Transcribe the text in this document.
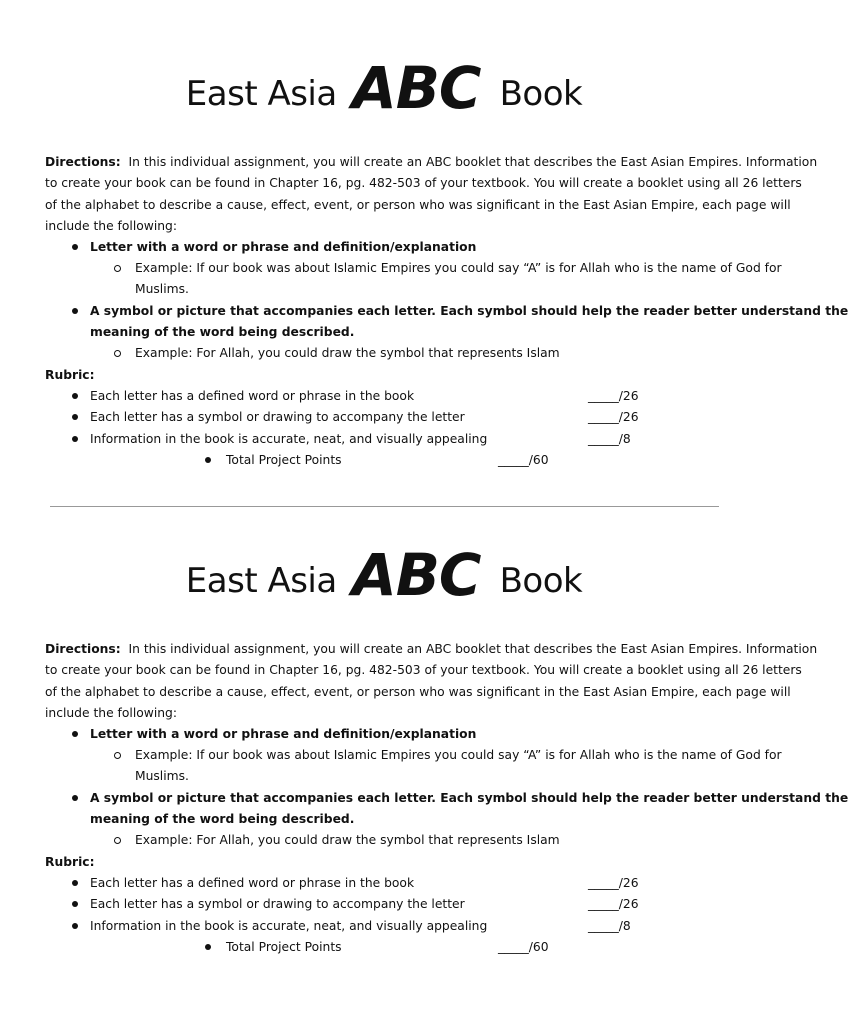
East Asia ABC Book
Directions: In this individual assignment, you will create an ABC booklet that describes the East Asian Empires. Information
to create your book can be found in Chapter 16, pg. 482-503 of your textbook. You will create a booklet using all 26 letters
of the alphabet to describe a cause, effect, event, or person who was significant in the East Asian Empire, each page will
include the following:
Letter with a word or phrase and definition/explanation
Example: If our book was about Islamic Empires you could say “A” is for Allah who is the name of God for
Muslims.
A symbol or picture that accompanies each letter. Each symbol should help the reader better understand the
meaning of the word being described.
Example: For Allah, you could draw the symbol that represents Islam
Rubric:
Each letter has a defined word or phrase in the book	_____/26
Each letter has a symbol or drawing to accompany the letter	_____/26
Information in the book is accurate, neat, and visually appealing	_____/8
Total Project Points	_____/60
East Asia ABC Book
Directions: In this individual assignment, you will create an ABC booklet that describes the East Asian Empires. Information
to create your book can be found in Chapter 16, pg. 482-503 of your textbook. You will create a booklet using all 26 letters
of the alphabet to describe a cause, effect, event, or person who was significant in the East Asian Empire, each page will
include the following:
Letter with a word or phrase and definition/explanation
Example: If our book was about Islamic Empires you could say “A” is for Allah who is the name of God for
Muslims.
A symbol or picture that accompanies each letter. Each symbol should help the reader better understand the
meaning of the word being described.
Example: For Allah, you could draw the symbol that represents Islam
Rubric:
Each letter has a defined word or phrase in the book	_____/26
Each letter has a symbol or drawing to accompany the letter	_____/26
Information in the book is accurate, neat, and visually appealing	_____/8
Total Project Points	_____/60
